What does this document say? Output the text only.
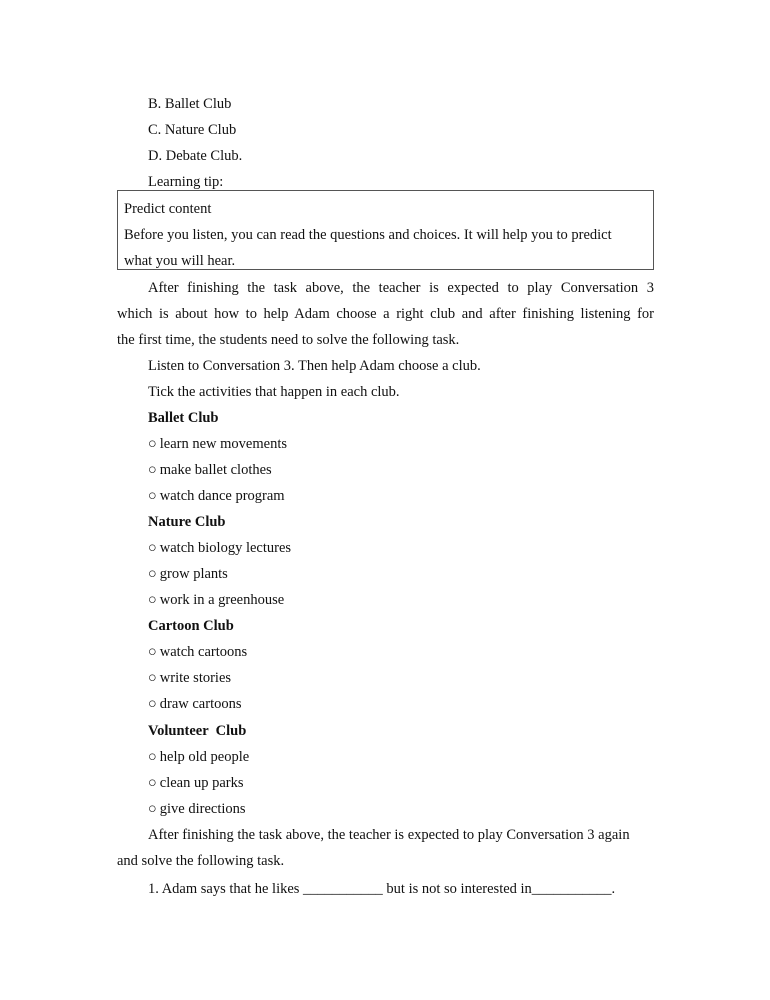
B. Ballet Club
C. Nature Club
D. Debate Club.
Learning tip:
Predict content
Before you listen, you can read the questions and choices. It will help you to predict
what you will hear.
After finishing the task above, the teacher is expected to play Conversation 3
which is about how to help Adam choose a right club and after finishing listening for
the first time, the students need to solve the following task.
Listen to Conversation 3. Then help Adam choose a club.
Tick the activities that happen in each club.
Ballet Club
○ learn new movements
○ make ballet clothes
○ watch dance program
Nature Club
○ watch biology lectures
○ grow plants
○ work in a greenhouse
Cartoon Club
○ watch cartoons
○ write stories
○ draw cartoons
Volunteer  Club
○ help old people
○ clean up parks
○ give directions
After finishing the task above, the teacher is expected to play Conversation 3 again
and solve the following task.
1. Adam says that he likes ___________ but is not so interested in___________.
